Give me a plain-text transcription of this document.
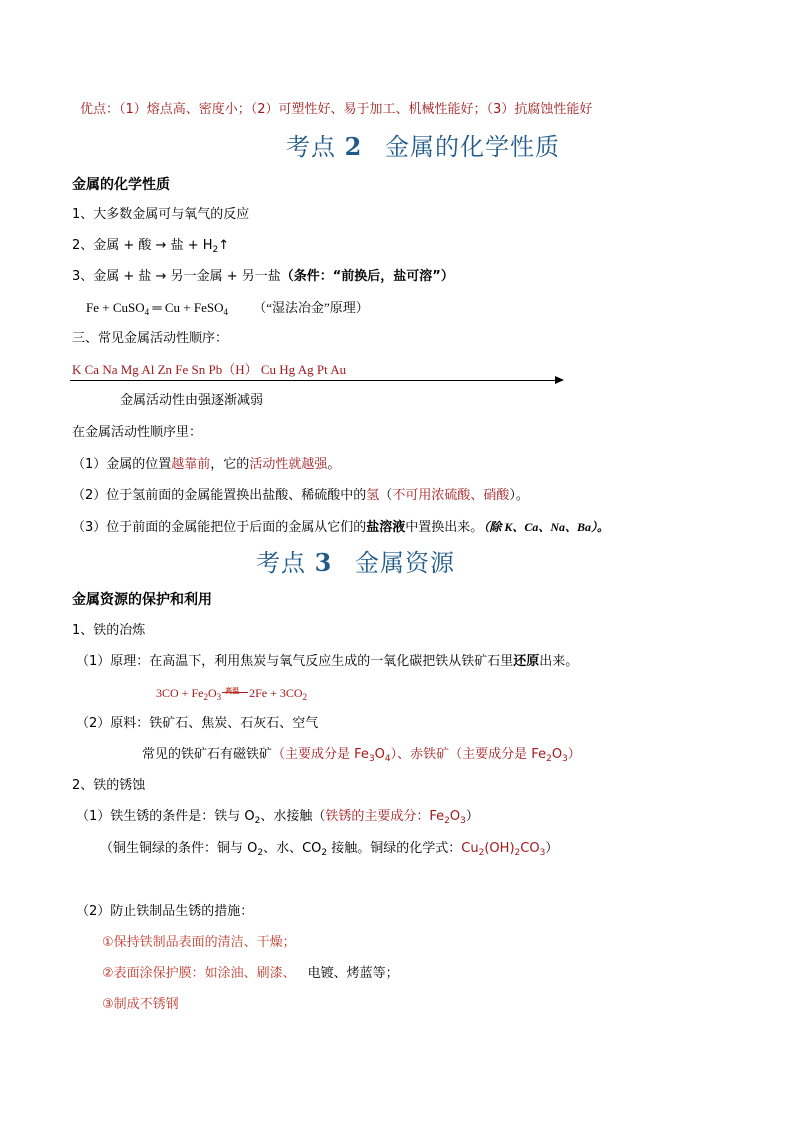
优点：（1）熔点高、密度小；（2）可塑性好、易于加工、机械性能好；（3）抗腐蚀性能好
考点 2 金属的化学性质
金属的化学性质
1、大多数金属可与氧气的反应
2、金属 + 酸 → 盐 + $H_2↑$
3、金属 + 盐 → 另一金属 + 另一盐（条件：“前换后，盐可溶”）
Fe + CuSO$_4$ ═ Cu + FeSO$_4$ （“湿法冶金”原理）
三、常见金属活动性顺序：
K Ca Na Mg Al Zn Fe Sn Pb（H） Cu Hg Ag Pt Au
金属活动性由强逐渐减弱
在金属活动性顺序里：
（1）金属的位置越靠前，它的活动性就越强。
（2）位于氢前面的金属能置换出盐酸、稀硫酸中的氢（不可用浓硫酸、硝酸）。
（3）位于前面的金属能把位于后面的金属从它们的盐溶液中置换出来。（除 K、Ca、Na、Ba）。
考点 3 金属资源
金属资源的保护和利用
1、铁的冶炼
（1）原理：在高温下，利用焦炭与氧气反应生成的一氧化碳把铁从铁矿石里还原出来。
$3CO + Fe_2O_3$
高温 $2Fe + 3CO_2$
（2）原料：铁矿石、焦炭、石灰石、空气
常见的铁矿石有磁铁矿（主要成分是 $Fe_3O_4$）、赤铁矿（主要成分是 $Fe_2O_3$）
2、铁的锈蚀
（1）铁生锈的条件是：铁与 $O_2$、水接触（铁锈的主要成分：$Fe_2O_3$）
（铜生铜绿的条件：铜与 $O_2$、水、$CO_2$ 接触。铜绿的化学式：$Cu_2(OH)_2CO_3$）
（2）防止铁制品生锈的措施：
①保持铁制品表面的清洁、干燥；
②表面涂保护膜：如涂油、刷漆、 电镀、烤蓝等；
③制成不锈钢
